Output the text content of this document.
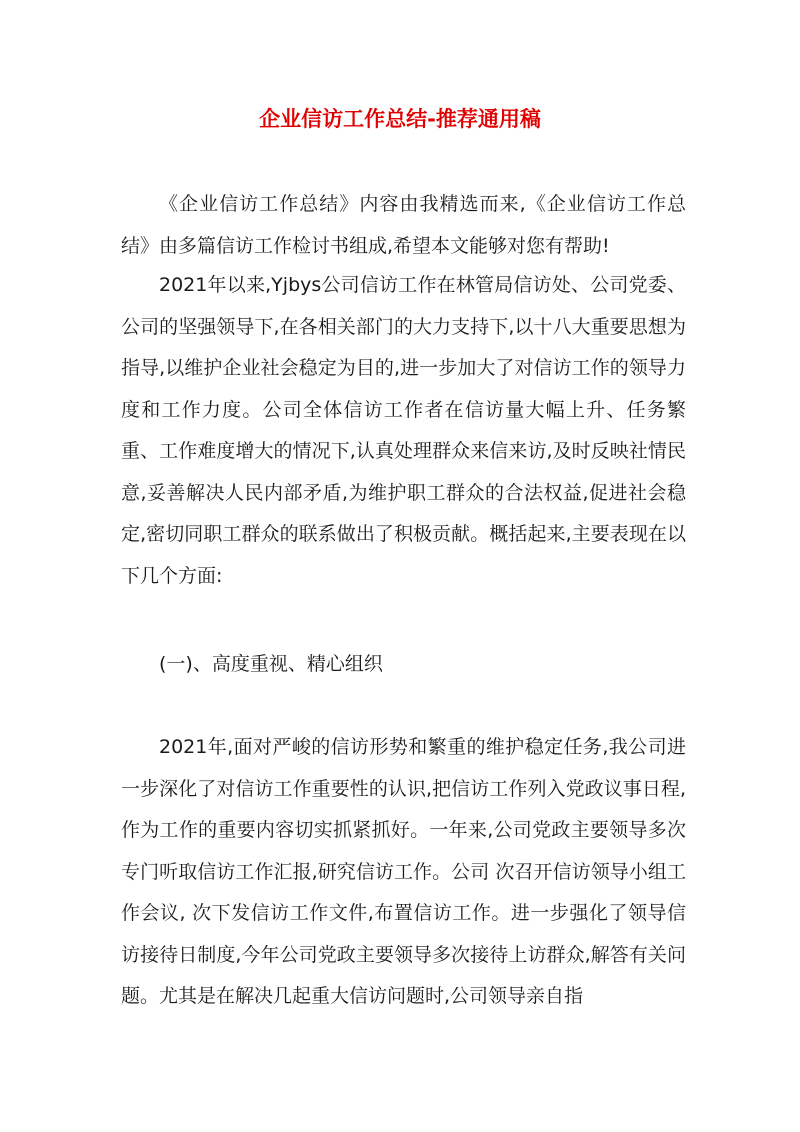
企业信访工作总结-推荐通用稿

《企业信访工作总结》内容由我精选而来,《企业信访工作总结》由多篇信访工作检讨书组成,希望本文能够对您有帮助!

2021年以来,Yjbys公司信访工作在林管局信访处、公司党委、公司的坚强领导下,在各相关部门的大力支持下,以十八大重要思想为指导,以维护企业社会稳定为目的,进一步加大了对信访工作的领导力度和工作力度。公司全体信访工作者在信访量大幅上升、任务繁重、工作难度增大的情况下,认真处理群众来信来访,及时反映社情民意,妥善解决人民内部矛盾,为维护职工群众的合法权益,促进社会稳定,密切同职工群众的联系做出了积极贡献。概括起来,主要表现在以下几个方面:

(一)、高度重视、精心组织

2021年,面对严峻的信访形势和繁重的维护稳定任务,我公司进一步深化了对信访工作重要性的认识,把信访工作列入党政议事日程,作为工作的重要内容切实抓紧抓好。一年来,公司党政主要领导多次专门听取信访工作汇报,研究信访工作。公司 次召开信访领导小组工作会议, 次下发信访工作文件,布置信访工作。进一步强化了领导信访接待日制度,今年公司党政主要领导多次接待上访群众,解答有关问题。尤其是在解决几起重大信访问题时,公司领导亲自指
